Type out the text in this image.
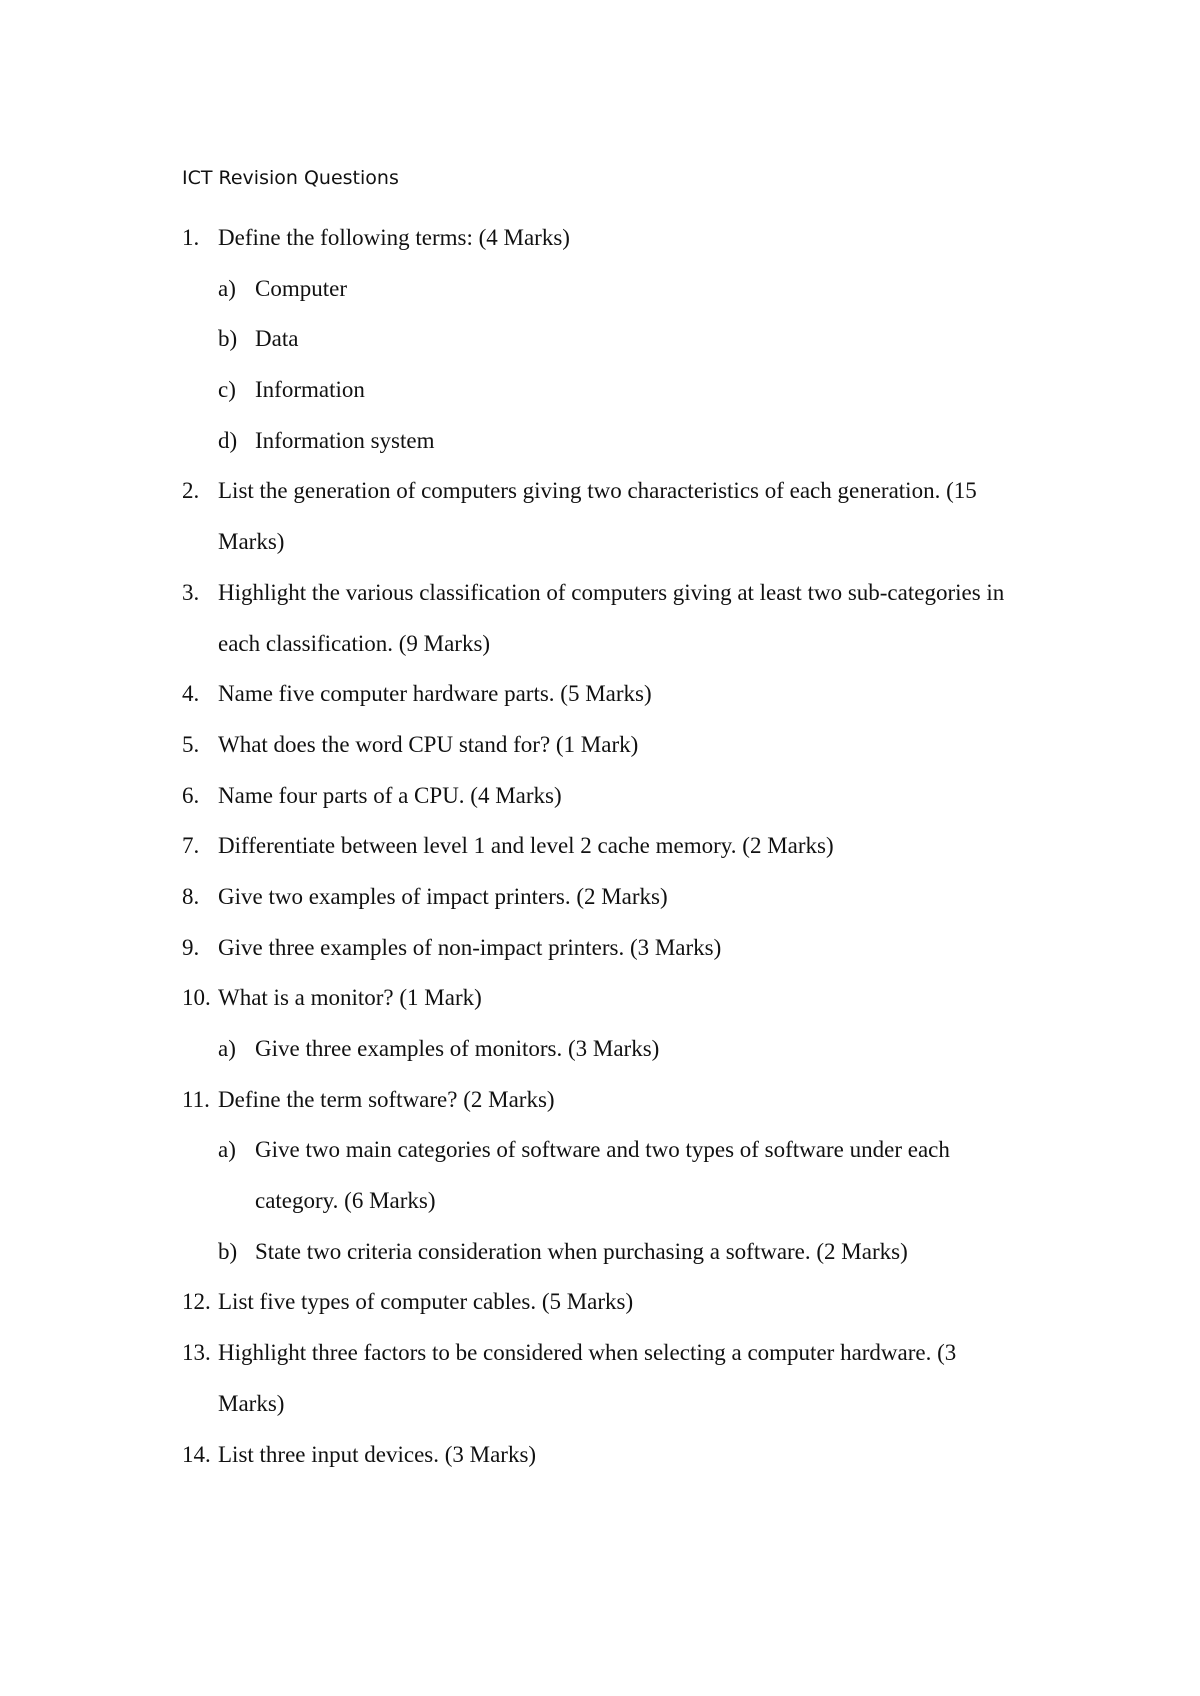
ICT Revision Questions
1. Define the following terms: (4 Marks)
a) Computer
b) Data
c) Information
d) Information system
2. List the generation of computers giving two characteristics of each generation. (15
Marks)
3. Highlight the various classification of computers giving at least two sub-categories in
each classification. (9 Marks)
4. Name five computer hardware parts. (5 Marks)
5. What does the word CPU stand for? (1 Mark)
6. Name four parts of a CPU. (4 Marks)
7. Differentiate between level 1 and level 2 cache memory. (2 Marks)
8. Give two examples of impact printers. (2 Marks)
9. Give three examples of non-impact printers. (3 Marks)
10. What is a monitor? (1 Mark)
a) Give three examples of monitors. (3 Marks)
11. Define the term software? (2 Marks)
a) Give two main categories of software and two types of software under each
category. (6 Marks)
b) State two criteria consideration when purchasing a software. (2 Marks)
12. List five types of computer cables. (5 Marks)
13. Highlight three factors to be considered when selecting a computer hardware. (3
Marks)
14. List three input devices. (3 Marks)
